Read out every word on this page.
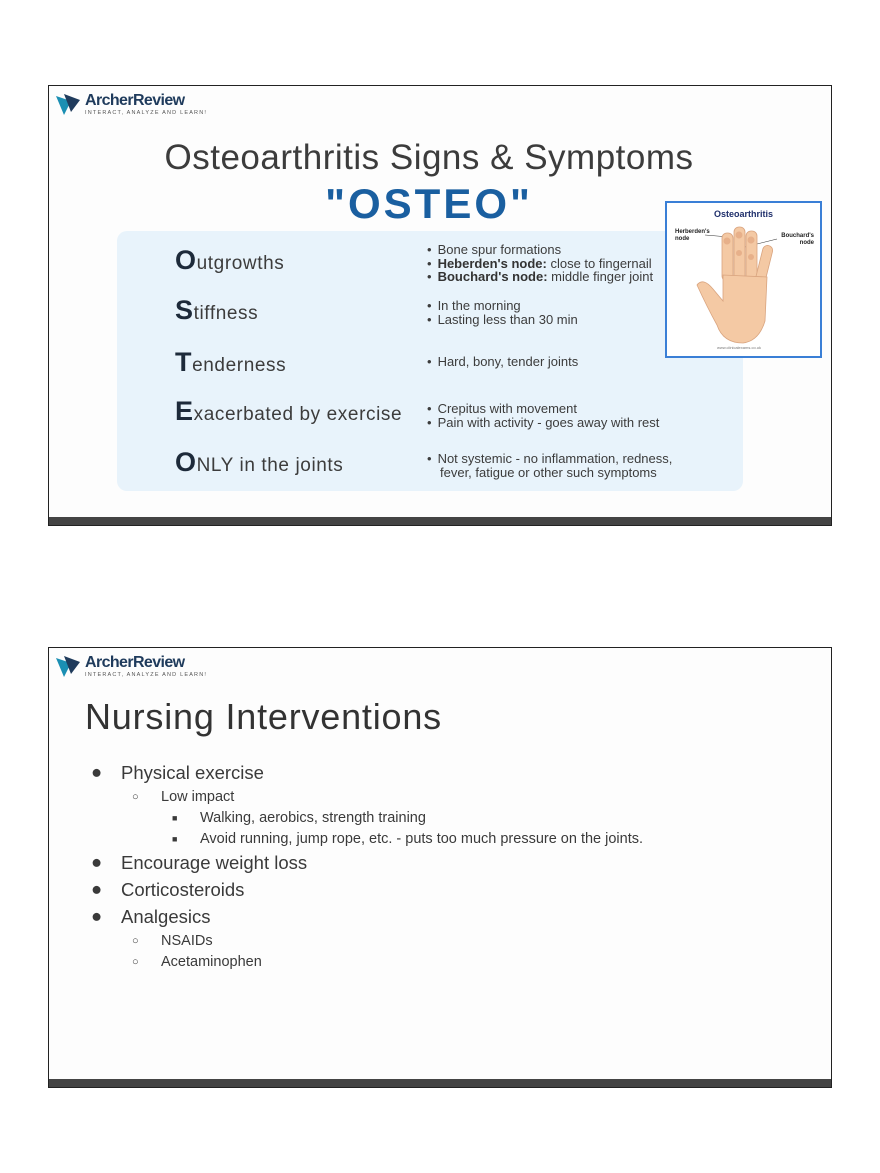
ArcherReview
INTERACT, ANALYZE AND LEARN!
Osteoarthritis Signs & Symptoms
"OSTEO"
Outgrowths
• Bone spur formations
• Heberden's node: close to fingernail
• Bouchard's node: middle finger joint
Stiffness	• In the morning
• Lasting less than 30 min
Tenderness	• Hard, bony, tender joints
Exacerbated by exercise	• Crepitus with movement
• Pain with activity - goes away with rest
ONLY in the joints	• Not systemic - no inflammation, redness,
fever, fatigue or other such symptoms
Osteoarthritis
Herberden's
node	Bouchard's
node
www.clinicalexams.co.uk
ArcherReview
INTERACT, ANALYZE AND LEARN!
Nursing Interventions
● Physical exercise
○ Low impact
■ Walking, aerobics, strength training
■ Avoid running, jump rope, etc. - puts too much pressure on the joints.
● Encourage weight loss
● Corticosteroids
● Analgesics
○ NSAIDs
○ Acetaminophen
